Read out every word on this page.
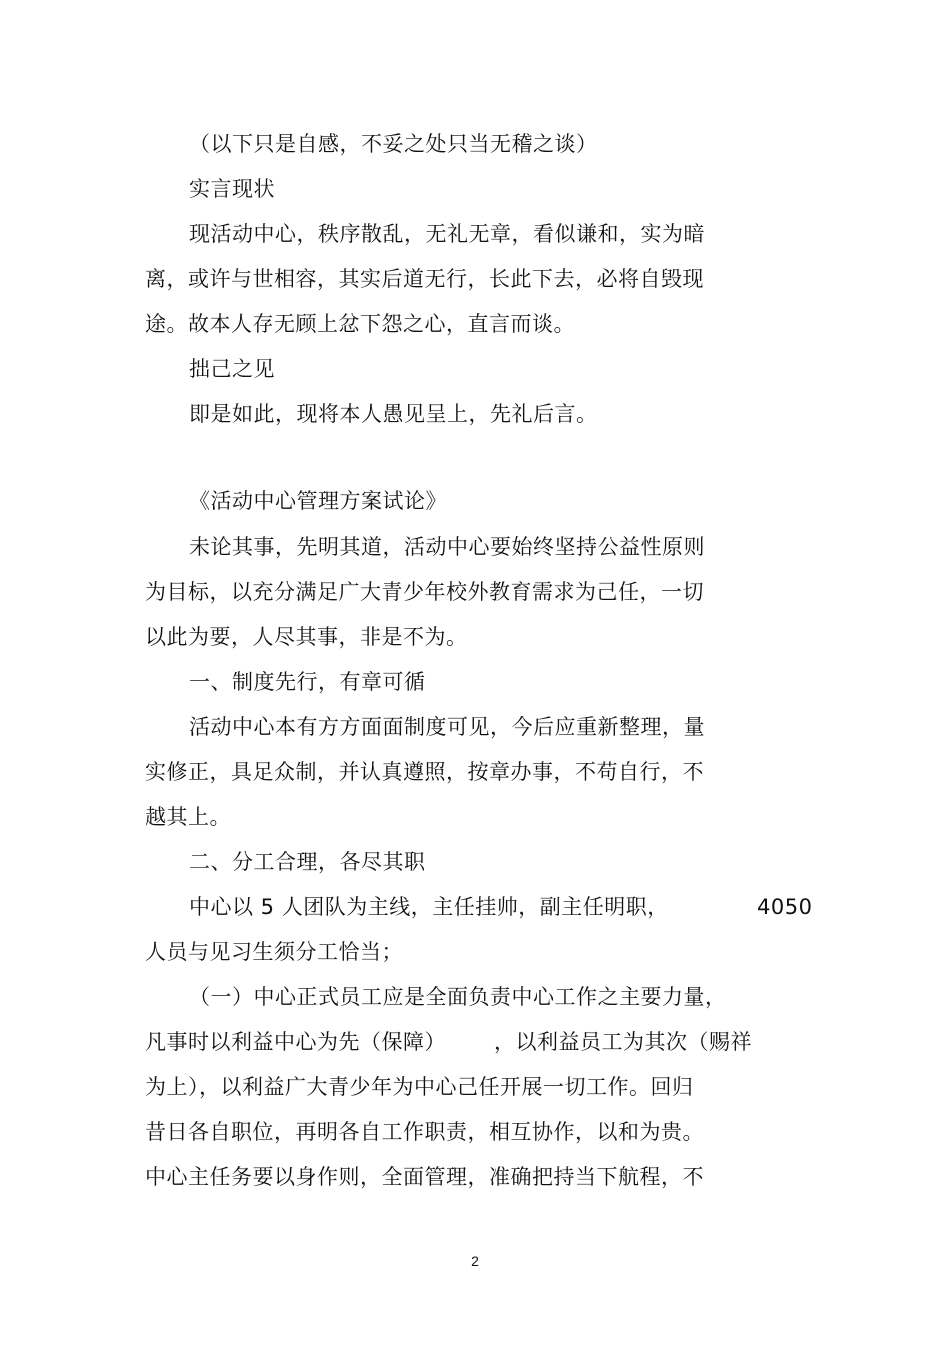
（以下只是自感，不妥之处只当无稽之谈）
实言现状
现活动中心，秩序散乱，无礼无章，看似谦和，实为暗
离，或许与世相容，其实后道无行，长此下去，必将自毁现
途。故本人存无顾上忿下怨之心，直言而谈。
拙己之见
即是如此，现将本人愚见呈上，先礼后言。
《活动中心管理方案试论》
未论其事，先明其道，活动中心要始终坚持公益性原则
为目标，以充分满足广大青少年校外教育需求为己任，一切
以此为要，人尽其事，非是不为。
一、制度先行，有章可循
活动中心本有方方面面制度可见，今后应重新整理，量
实修正，具足众制，并认真遵照，按章办事，不苟自行，不
越其上。
二、分工合理，各尽其职
中心以 5 人团队为主线，主任挂帅，副主任明职，	4050
人员与见习生须分工恰当；
（一）中心正式员工应是全面负责中心工作之主要力量，
凡事时以利益中心为先（保障） ，以利益员工为其次（赐祥
为上），以利益广大青少年为中心己任开展一切工作。回归
昔日各自职位，再明各自工作职责，相互协作，以和为贵。
中心主任务要以身作则，全面管理，准确把持当下航程，不
2
